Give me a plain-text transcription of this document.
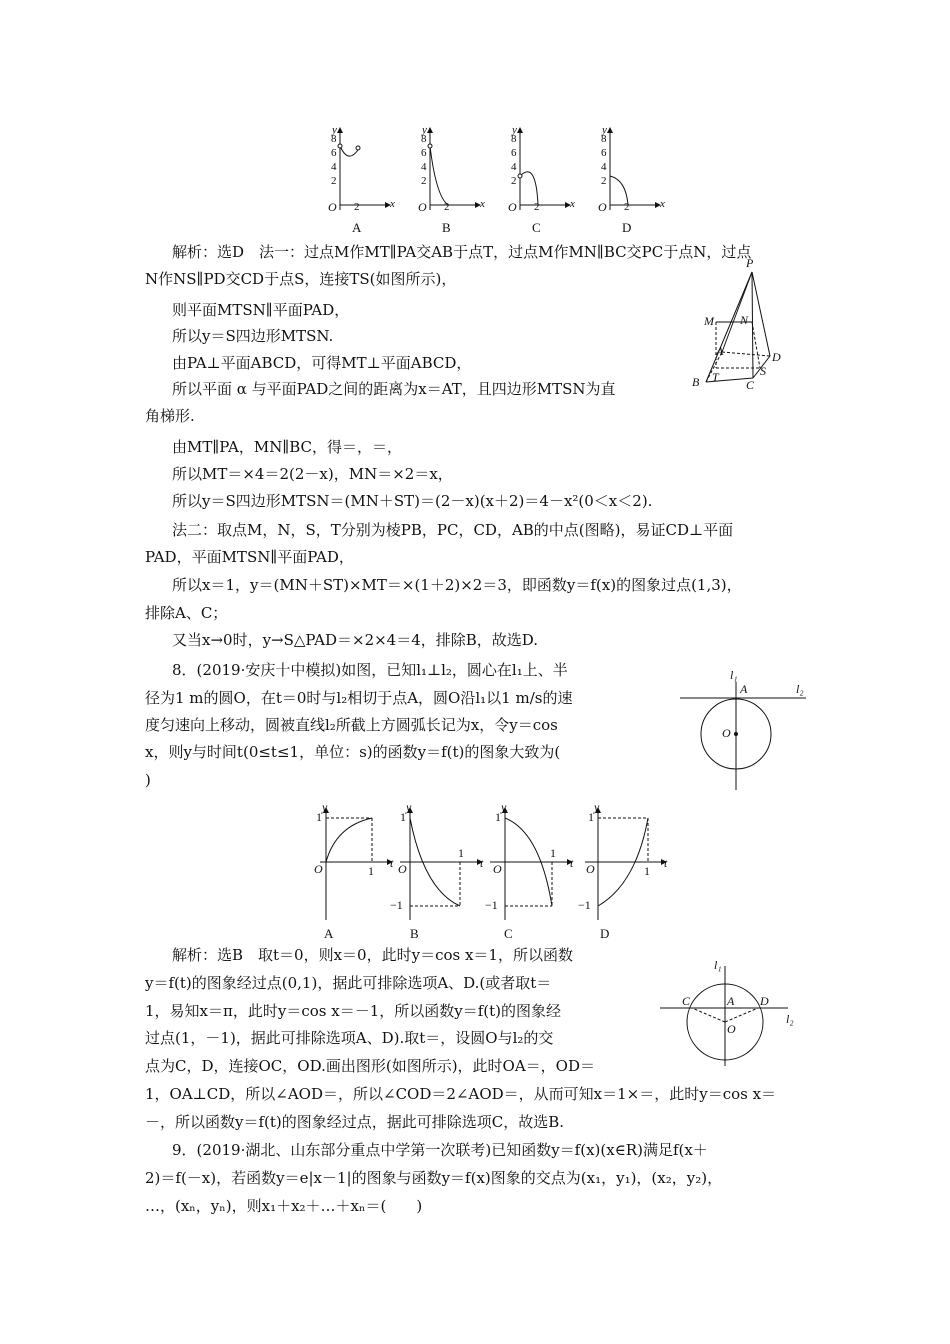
y
x
O
8
6
4
2
2
A
y
x
O
8
6
4
2
2
B
y
x
O
8
6
4
2
2
C
y
x
O
8
6
4
2
2
D
P
M N
A	D
B T
C
S
l₁
A	l₂
O
y
t
O
1
1
A
y
t
O
1
1
−1
B
y
t
O
1
1
−1
C
y
t
O
1
1
−1
D
l₁
C	A D
O
l₂
解析：选D　法一：过点M作MT∥PA交AB于点T，过点M作MN∥BC交PC于点N，过点
N作NS∥PD交CD于点S，连接TS(如图所示)，
则平面MTSN∥平面PAD，
所以y＝S四边形MTSN.
由PA⊥平面ABCD，可得MT⊥平面ABCD，
所以平面 α 与平面PAD之间的距离为x＝AT，且四边形MTSN为直
角梯形.
由MT∥PA，MN∥BC，得＝，＝，
所以MT＝×4＝2(2－x)，MN＝×2＝x，
所以y＝S四边形MTSN＝(MN＋ST)＝(2－x)(x＋2)＝4－x²(0＜x＜2).
法二：取点M，N，S，T分别为棱PB，PC，CD，AB的中点(图略)，易证CD⊥平面
PAD，平面MTSN∥平面PAD，
所以x＝1，y＝(MN＋ST)×MT＝×(1＋2)×2＝3，即函数y＝f(x)的图象过点(1,3)，
排除A、C；
又当x→0时，y→S△PAD＝×2×4＝4，排除B，故选D.
8．(2019·安庆十中模拟)如图，已知l₁⊥l₂，圆心在l₁上、半
径为1 m的圆O，在t＝0时与l₂相切于点A，圆O沿l₁以1 m/s的速
度匀速向上移动，圆被直线l₂所截上方圆弧长记为x，令y＝cos
x，则y与时间t(0≤t≤1，单位：s)的函数y＝f(t)的图象大致为(
)
解析：选B　取t＝0，则x＝0，此时y＝cos x＝1，所以函数
y＝f(t)的图象经过点(0,1)，据此可排除选项A、D.(或者取t＝
1，易知x＝π，此时y＝cos x＝－1，所以函数y＝f(t)的图象经
过点(1，－1)，据此可排除选项A、D).取t＝，设圆O与l₂的交
点为C，D，连接OC，OD.画出图形(如图所示)，此时OA＝，OD＝
1，OA⊥CD，所以∠AOD＝，所以∠COD＝2∠AOD＝，从而可知x＝1×＝，此时y＝cos x＝
－，所以函数y＝f(t)的图象经过点，据此可排除选项C，故选B.
9．(2019·湖北、山东部分重点中学第一次联考)已知函数y＝f(x)(x∈R)满足f(x＋
2)＝f(－x)，若函数y＝e|x－1|的图象与函数y＝f(x)图象的交点为(x₁，y₁)，(x₂，y₂)，
…，(xₙ，yₙ)，则x₁＋x₂＋…＋xₙ＝(　　)
